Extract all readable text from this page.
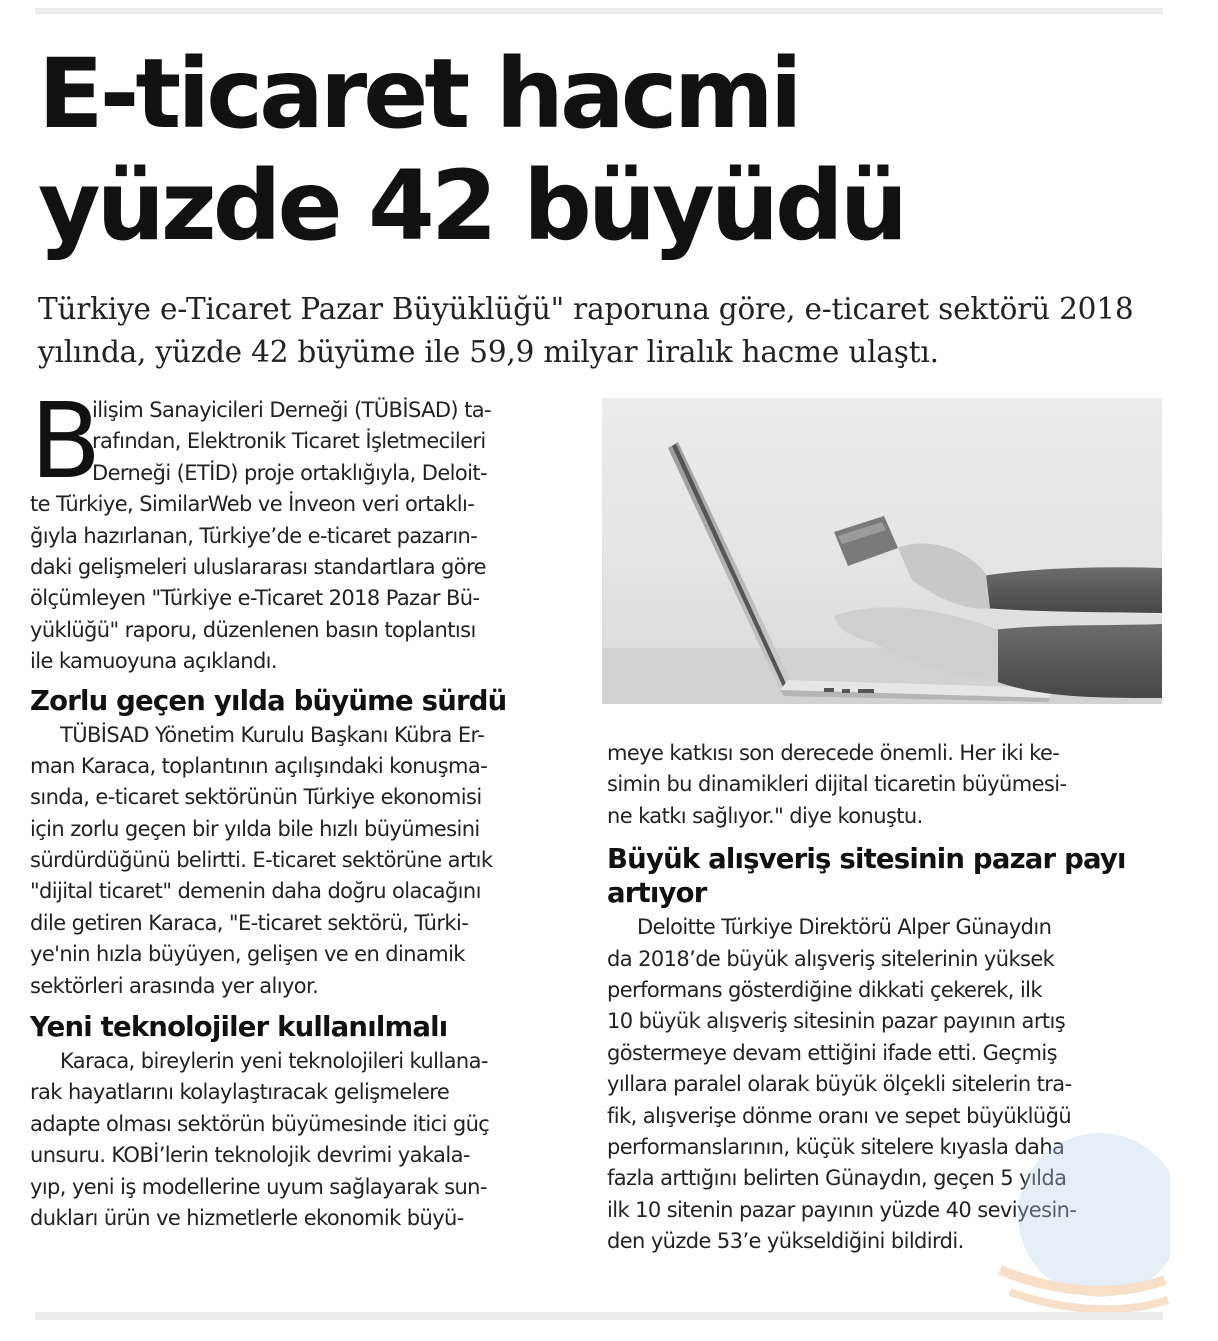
E-ticaret hacmi
yüzde 42 büyüdü

Türkiye e-Ticaret Pazar Büyüklüğü" raporuna göre, e-ticaret sektörü 2018
yılında, yüzde 42 büyüme ile 59,9 milyar liralık hacme ulaştı.

B
ilişim Sanayicileri Derneği (TÜBİSAD) ta-
rafından, Elektronik Ticaret İşletmecileri
Derneği (ETİD) proje ortaklığıyla, Deloit-
te Türkiye, SimilarWeb ve İnveon veri ortaklı-
ğıyla hazırlanan, Türkiye’de e-ticaret pazarın-
daki gelişmeleri uluslararası standartlara göre
ölçümleyen "Türkiye e-Ticaret 2018 Pazar Bü-
yüklüğü" raporu, düzenlenen basın toplantısı
ile kamuoyuna açıklandı.
Zorlu geçen yılda büyüme sürdü
TÜBİSAD Yönetim Kurulu Başkanı Kübra Er-
man Karaca, toplantının açılışındaki konuşma-
sında, e-ticaret sektörünün Türkiye ekonomisi
için zorlu geçen bir yılda bile hızlı büyümesini
sürdürdüğünü belirtti. E-ticaret sektörüne artık
"dijital ticaret" demenin daha doğru olacağını
dile getiren Karaca, "E-ticaret sektörü, Türki-
ye'nin hızla büyüyen, gelişen ve en dinamik
sektörleri arasında yer alıyor.
Yeni teknolojiler kullanılmalı
Karaca, bireylerin yeni teknolojileri kullana-
rak hayatlarını kolaylaştıracak gelişmelere
adapte olması sektörün büyümesinde itici güç
unsuru. KOBİ’lerin teknolojik devrimi yakala-
yıp, yeni iş modellerine uyum sağlayarak sun-
dukları ürün ve hizmetlerle ekonomik büyü-
meye katkısı son derecede önemli. Her iki ke-
simin bu dinamikleri dijital ticaretin büyümesi-
ne katkı sağlıyor." diye konuştu.
Büyük alışveriş sitesinin pazar payı
artıyor
Deloitte Türkiye Direktörü Alper Günaydın
da 2018’de büyük alışveriş sitelerinin yüksek
performans gösterdiğine dikkati çekerek, ilk
10 büyük alışveriş sitesinin pazar payının artış
göstermeye devam ettiğini ifade etti. Geçmiş
yıllara paralel olarak büyük ölçekli sitelerin tra-
fik, alışverişe dönme oranı ve sepet büyüklüğü
performanslarının, küçük sitelere kıyasla daha
fazla arttığını belirten Günaydın, geçen 5 yılda
ilk 10 sitenin pazar payının yüzde 40 seviyesin-
den yüzde 53’e yükseldiğini bildirdi.
